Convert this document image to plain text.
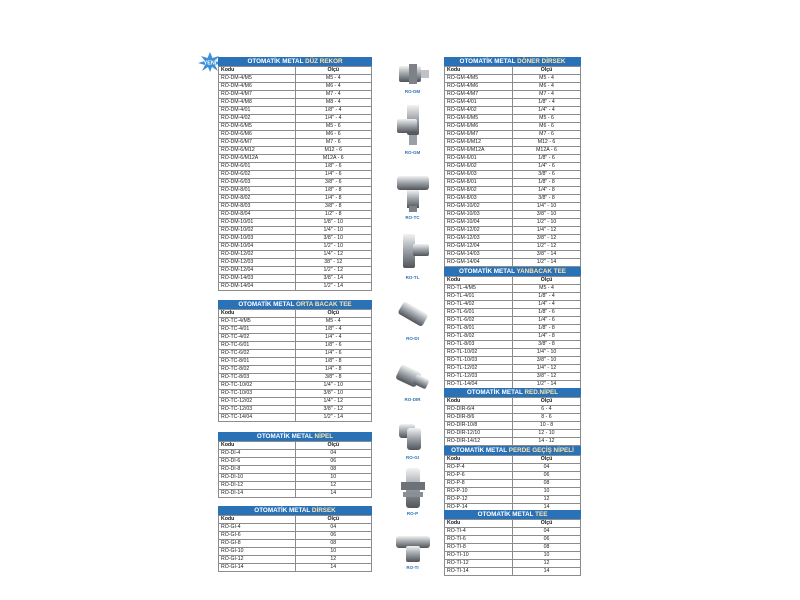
YENİ	OTOMATİK METAL DÜZ REKOR
Kodu	Ölçü
RO-DM-4/M5	M5 - 4
RO-DM-4/M6	M6 - 4
RO-DM-4/M7	M7 - 4
RO-DM-4/M8	M8 - 4
RO-DM-4/01	1/8" - 4
RO-DM-4/02	1/4" - 4
RO-DM-6/M5	M5 - 6
RO-DM-6/M6	M6 - 6
RO-DM-6/M7	M7 - 6
RO-DM-6/M12	M12 - 6
RO-DM-6/M12A	M12A - 6
RO-DM-6/01	1/8" - 6
RO-DM-6/02	1/4" - 6
RO-DM-6/03	3/8" - 6
RO-DM-8/01	1/8" - 8
RO-DM-8/02	1/4" - 8
RO-DM-8/03	3/8" - 8
RO-DM-8/04	1/2" - 8
RO-DM-10/01	1/8" - 10
RO-DM-10/02	1/4" - 10
RO-DM-10/03	3/8" - 10
RO-DM-10/04	1/2" - 10
RO-DM-12/02	1/4" - 12
RO-DM-12/03	38" - 12
RO-DM-12/04	1/2" - 12
RO-DM-14/03	3/8" - 14
RO-DM-14/04	1/2" - 14
OTOMATİK METAL ORTA BACAK TEE
Kodu	Ölçü
RO-TC-4/M5	M5 - 4
RO-TC-4/01	1/8" - 4
RO-TC-4/02	1/4" - 4
RO-TC-6/01	1/8" - 6
RO-TC-6/02	1/4" - 6
RO-TC-8/01	1/8" - 8
RO-TC-8/02	1/4" - 8
RO-TC-8/03	3/8" - 8
RO-TC-10/02	1/4" - 10
RO-TC-10/03	3/8" - 10
RO-TC-12/02	1/4" - 12
RO-TC-12/03	3/8" - 12
RO-TC-14/04	1/2" - 14
OTOMATİK METAL NİPEL
Kodu	Ölçü
RO-DI-4	04
RO-DI-6	06
RO-DI-8	08
RO-DI-10	10
RO-DI-12	12
RO-DI-14	14
OTOMATİK METAL DİRSEK
Kodu	Ölçü
RO-GI-4	04
RO-GI-6	06
RO-GI-8	08
RO-GI-10	10
RO-GI-12	12
RO-GI-14	14
OTOMATİK METAL DÖNER DİRSEK
Kodu	Ölçü
RO-GM-4/M5	M5 - 4
RO-GM-4/M6	M6 - 4
RO-GM-4/M7	M7 - 4
RO-GM-4/01	1/8" - 4
RO-GM-4/02	1/4" - 4
RO-GM-6/M5	M5 - 6
RO-GM-6/M6	M6 - 6
RO-GM-6/M7	M7 - 6
RO-GM-6/M12	M12 - 6
RO-GM-6/M12A	M12A - 6
RO-GM-6/01	1/8" - 6
RO-GM-6/02	1/4" - 6
RO-GM-6/03	3/8" - 6
RO-GM-8/01	1/8" - 8
RO-GM-8/02	1/4" - 8
RO-GM-8/03	3/8" - 8
RO-GM-10/02	1/4" - 10
RO-GM-10/03	3/8" - 10
RO-GM-10/04	1/2" - 10
RO-GM-12/02	1/4" - 12
RO-GM-12/03	3/8" - 12
RO-GM-12/04	1/2" - 12
RO-GM-14/03	3/8" - 14
RO-GM-14/04	1/2" - 14
OTOMATİK METAL YANBACAK TEE
Kodu	Ölçü
RO-TL-4/M5	M5 - 4
RO-TL-4/01	1/8" - 4
RO-TL-4/02	1/4" - 4
RO-TL-6/01	1/8" - 6
RO-TL-6/02	1/4" - 6
RO-TL-8/01	1/8" - 8
RO-TL-8/02	1/4" - 8
RO-TL-8/03	3/8" - 8
RO-TL-10/02	1/4" - 10
RO-TL-10/03	3/8" - 10
RO-TL-12/02	1/4" - 12
RO-TL-12/03	3/8" - 12
RO-TL-14/04	1/2" - 14
OTOMATİK METAL RED.NİPEL
Kodu	Ölçü
RO-DIR-6/4	6 - 4
RO-DIR-8/6	8 - 6
RO-DIR-10/8	10 - 8
RO-DIR-12/10	12 - 10
RO-DIR-14/12	14 - 12
OTOMATİK METAL PERDE GEÇİŞ NİPELİ
Kodu	Ölçü
RO-P-4	04
RO-P-6	06
RO-P-8	08
RO-P-10	10
RO-P-12	12
RO-P-14	14
OTOMATİK METAL TEE
Kodu	Ölçü
RO-TI-4	04
RO-TI-6	06
RO-TI-8	08
RO-TI-10	10
RO-TI-12	12
RO-TI-14	14
RO-DM
RO-GM
RO-TC
RO-TL
RO-DI
RO-DIR
RO-GI
RO-P
RO-TI
